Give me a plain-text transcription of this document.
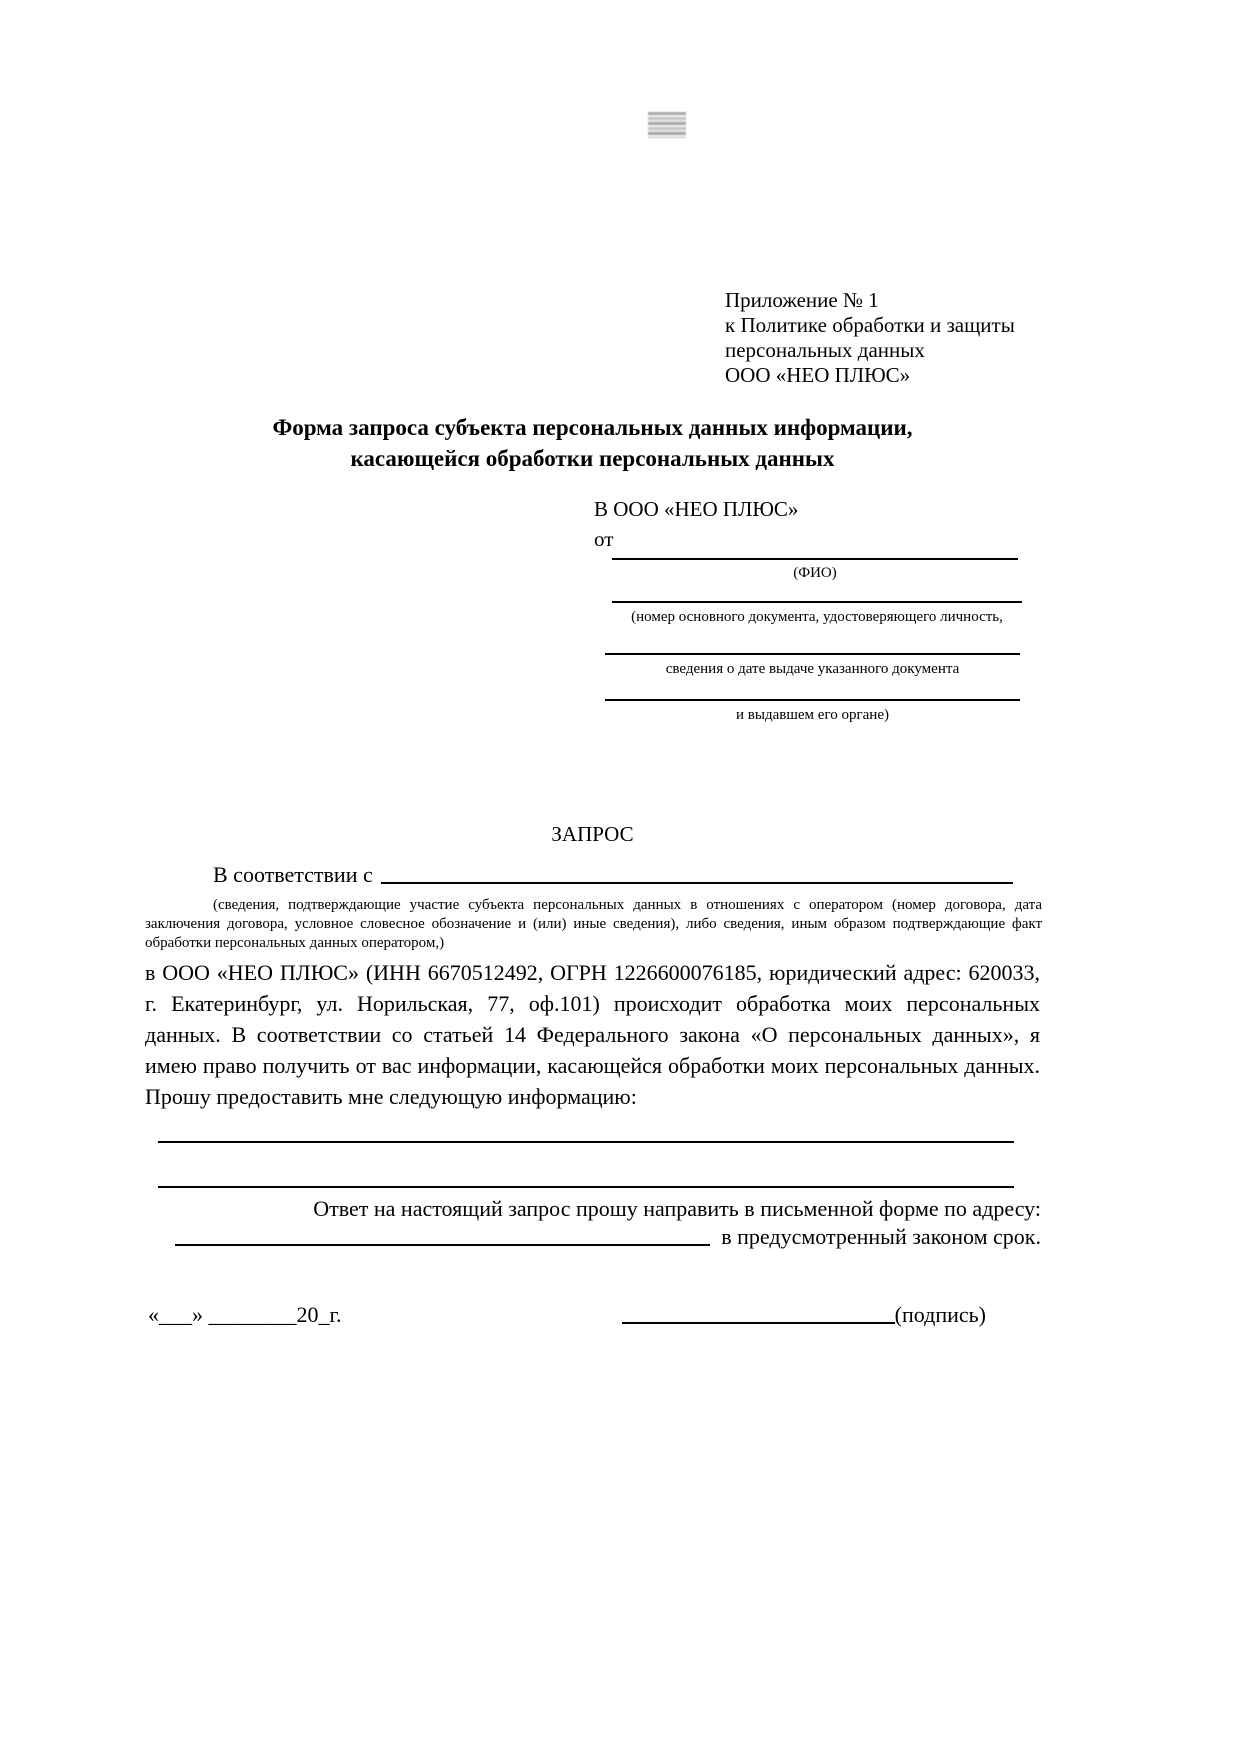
Приложение № 1
к Политике обработки и защиты
персональных данных
ООО «НЕО ПЛЮС»
Форма запроса субъекта персональных данных информации,
касающейся обработки персональных данных
В ООО «НЕО ПЛЮС»
от
(ФИО)
(номер основного документа, удостоверяющего личность,
сведения о дате выдаче указанного документа
и выдавшем его органе)
ЗАПРОС
В соответствии с
(сведения, подтверждающие участие субъекта персональных данных в отношениях с оператором (номер договора, дата заключения договора, условное словесное обозначение и (или) иные сведения), либо сведения, иным образом подтверждающие факт обработки персональных данных оператором,)
в ООО «НЕО ПЛЮС» (ИНН 6670512492, ОГРН 1226600076185, юридический адрес: 620033, г. Екатеринбург, ул. Норильская, 77, оф.101) происходит обработка моих персональных данных. В соответствии со статьей 14 Федерального закона «О персональных данных», я имею право получить от вас информации, касающейся обработки моих персональных данных. Прошу предоставить мне следующую информацию:
Ответ на настоящий запрос прошу направить в письменной форме по адресу:
в предусмотренный законом срок.
«___» ________20_г.	(подпись)
